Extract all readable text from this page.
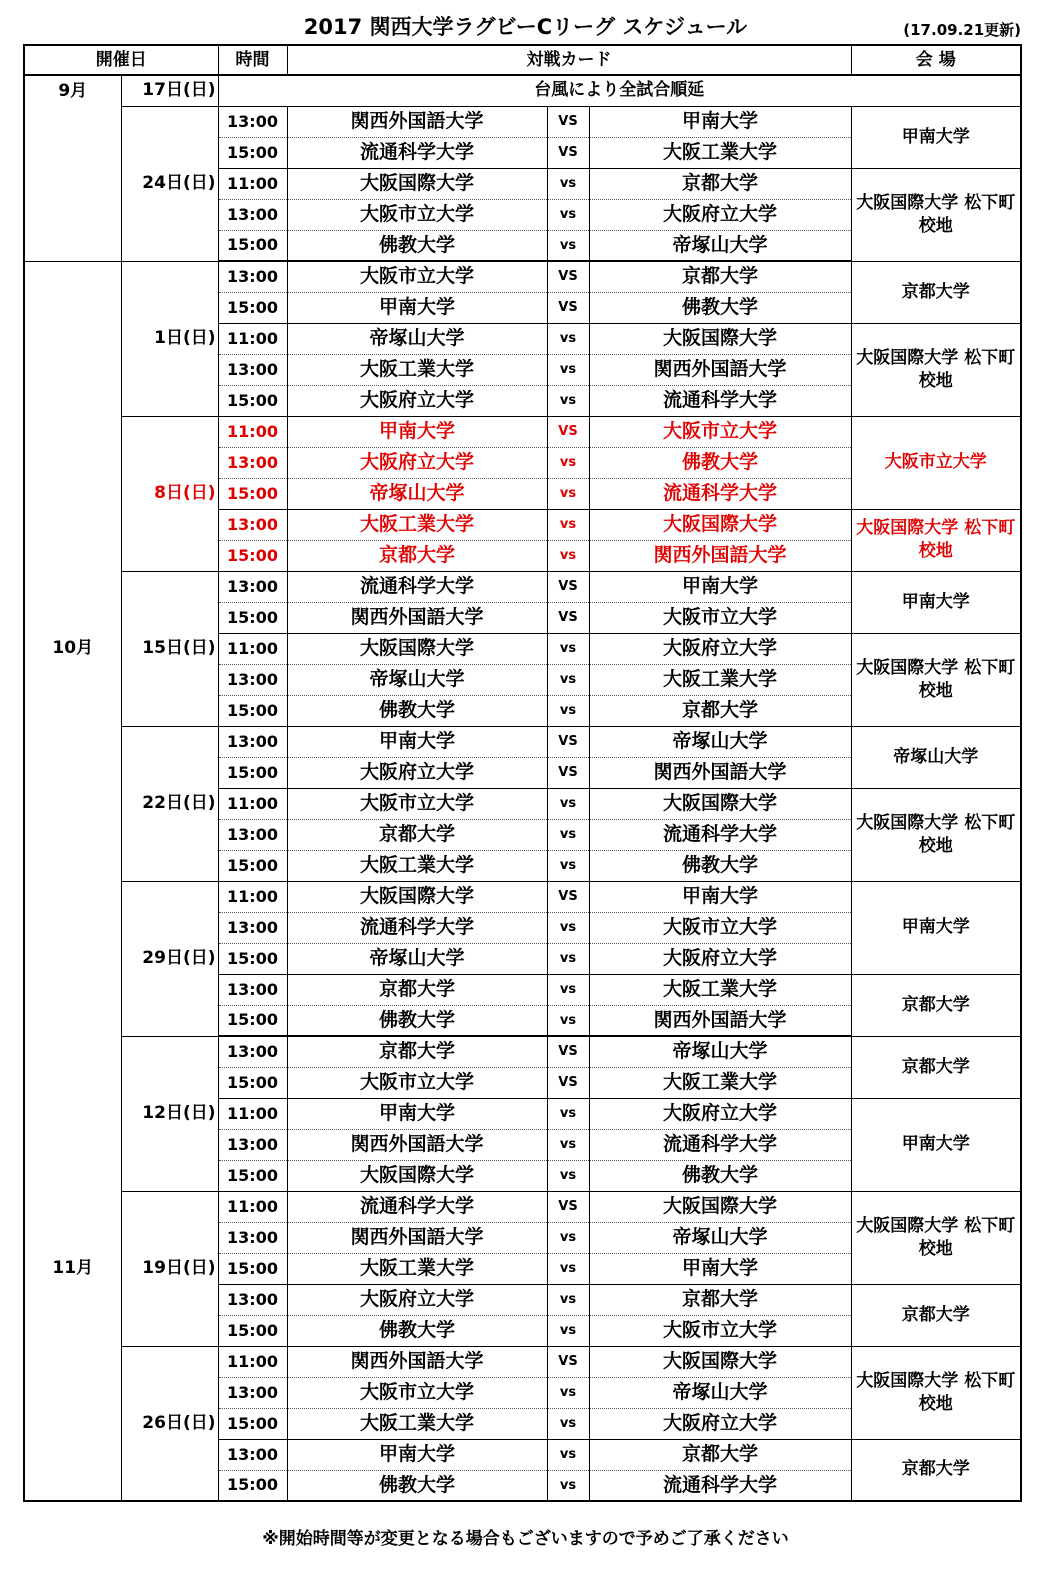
2017 関西大学ラグビーCリーグ スケジュール	(17.09.21更新)
開催日		時間	対戦カード			会 場
9月	17日(日)	台風により全試合順延				
	24日(日)	13:00	関西外国語大学	VS	甲南大学	甲南大学
		15:00	流通科学大学	VS	大阪工業大学	
		11:00	大阪国際大学	vs	京都大学	大阪国際大学 松下町校地
		13:00	大阪市立大学	vs	大阪府立大学	
		15:00	佛教大学	vs	帝塚山大学	
10月	1日(日)	13:00	大阪市立大学	VS	京都大学	京都大学
		15:00	甲南大学	VS	佛教大学	
		11:00	帝塚山大学	vs	大阪国際大学	大阪国際大学 松下町校地
		13:00	大阪工業大学	vs	関西外国語大学	
		15:00	大阪府立大学	vs	流通科学大学	
	8日(日)	11:00	甲南大学	VS	大阪市立大学	大阪市立大学
		13:00	大阪府立大学	vs	佛教大学	
		15:00	帝塚山大学	vs	流通科学大学	
		13:00	大阪工業大学	vs	大阪国際大学	大阪国際大学 松下町校地
		15:00	京都大学	vs	関西外国語大学	
	15日(日)	13:00	流通科学大学	VS	甲南大学	甲南大学
		15:00	関西外国語大学	VS	大阪市立大学	
		11:00	大阪国際大学	vs	大阪府立大学	大阪国際大学 松下町校地
		13:00	帝塚山大学	vs	大阪工業大学	
		15:00	佛教大学	vs	京都大学	
	22日(日)	13:00	甲南大学	VS	帝塚山大学	帝塚山大学
		15:00	大阪府立大学	VS	関西外国語大学	
		11:00	大阪市立大学	vs	大阪国際大学	大阪国際大学 松下町校地
		13:00	京都大学	vs	流通科学大学	
		15:00	大阪工業大学	vs	佛教大学	
	29日(日)	11:00	大阪国際大学	VS	甲南大学	甲南大学
		13:00	流通科学大学	vs	大阪市立大学	
		15:00	帝塚山大学	vs	大阪府立大学	
		13:00	京都大学	vs	大阪工業大学	京都大学
		15:00	佛教大学	vs	関西外国語大学	
11月	12日(日)	13:00	京都大学	VS	帝塚山大学	京都大学
		15:00	大阪市立大学	VS	大阪工業大学	
		11:00	甲南大学	vs	大阪府立大学	甲南大学
		13:00	関西外国語大学	vs	流通科学大学	
		15:00	大阪国際大学	vs	佛教大学	
	19日(日)	11:00	流通科学大学	VS	大阪国際大学	大阪国際大学 松下町校地
		13:00	関西外国語大学	vs	帝塚山大学	
		15:00	大阪工業大学	vs	甲南大学	
		13:00	大阪府立大学	vs	京都大学	京都大学
		15:00	佛教大学	vs	大阪市立大学	
	26日(日)	11:00	関西外国語大学	VS	大阪国際大学	大阪国際大学 松下町校地
		13:00	大阪市立大学	vs	帝塚山大学	
		15:00	大阪工業大学	vs	大阪府立大学	
		13:00	甲南大学	vs	京都大学	京都大学
		15:00	佛教大学	vs	流通科学大学	
※開始時間等が変更となる場合もございますので予めご了承ください
